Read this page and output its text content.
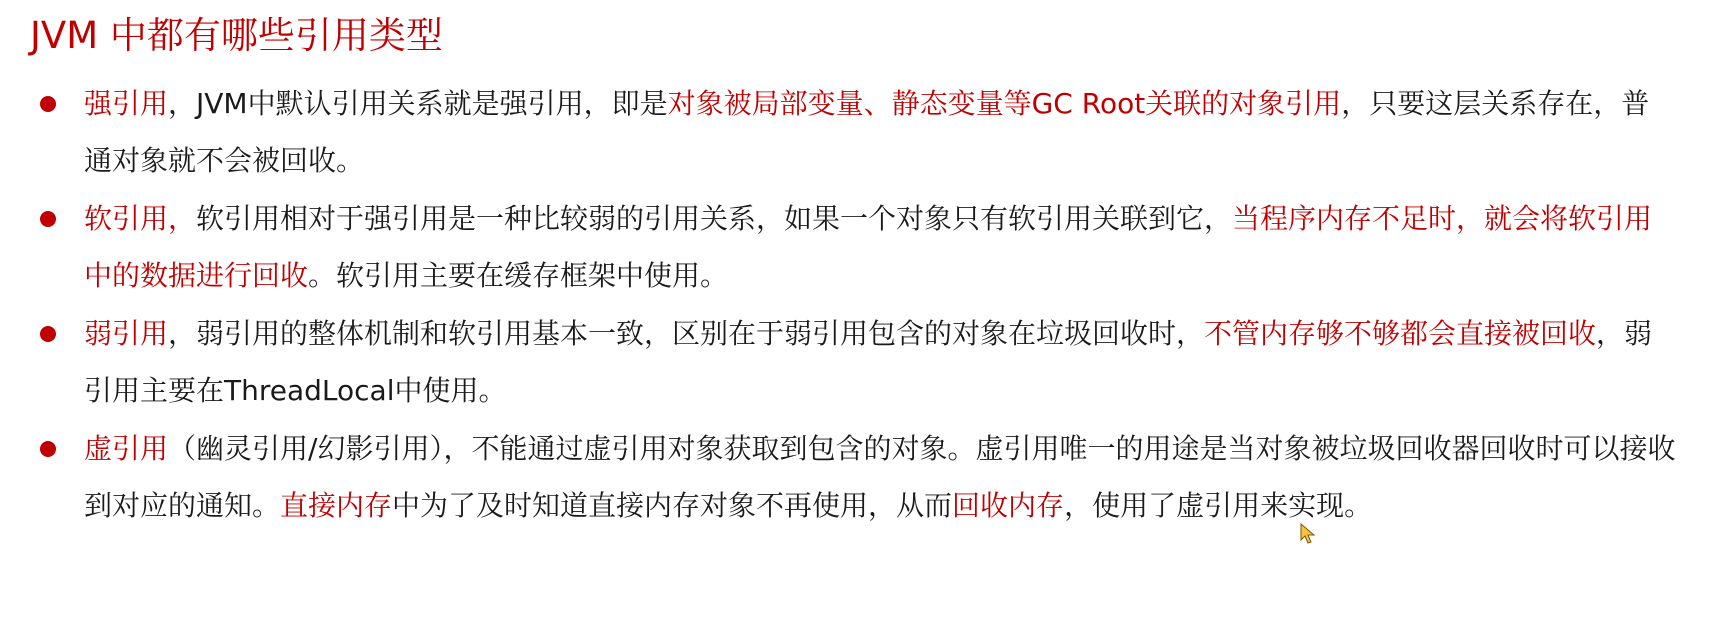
JVM 中都有哪些引用类型
强引用，JVM中默认引用关系就是强引用，即是对象被局部变量、静态变量等GC Root关联的对象引用，只要这层关系存在，普通对象就不会被回收。
软引用，软引用相对于强引用是一种比较弱的引用关系，如果一个对象只有软引用关联到它，当程序内存不足时，就会将软引用中的数据进行回收。软引用主要在缓存框架中使用。
弱引用，弱引用的整体机制和软引用基本一致，区别在于弱引用包含的对象在垃圾回收时，不管内存够不够都会直接被回收，弱引用主要在ThreadLocal中使用。
虚引用（幽灵引用/幻影引用），不能通过虚引用对象获取到包含的对象。虚引用唯一的用途是当对象被垃圾回收器回收时可以接收到对应的通知。直接内存中为了及时知道直接内存对象不再使用，从而回收内存，使用了虚引用来实现。
